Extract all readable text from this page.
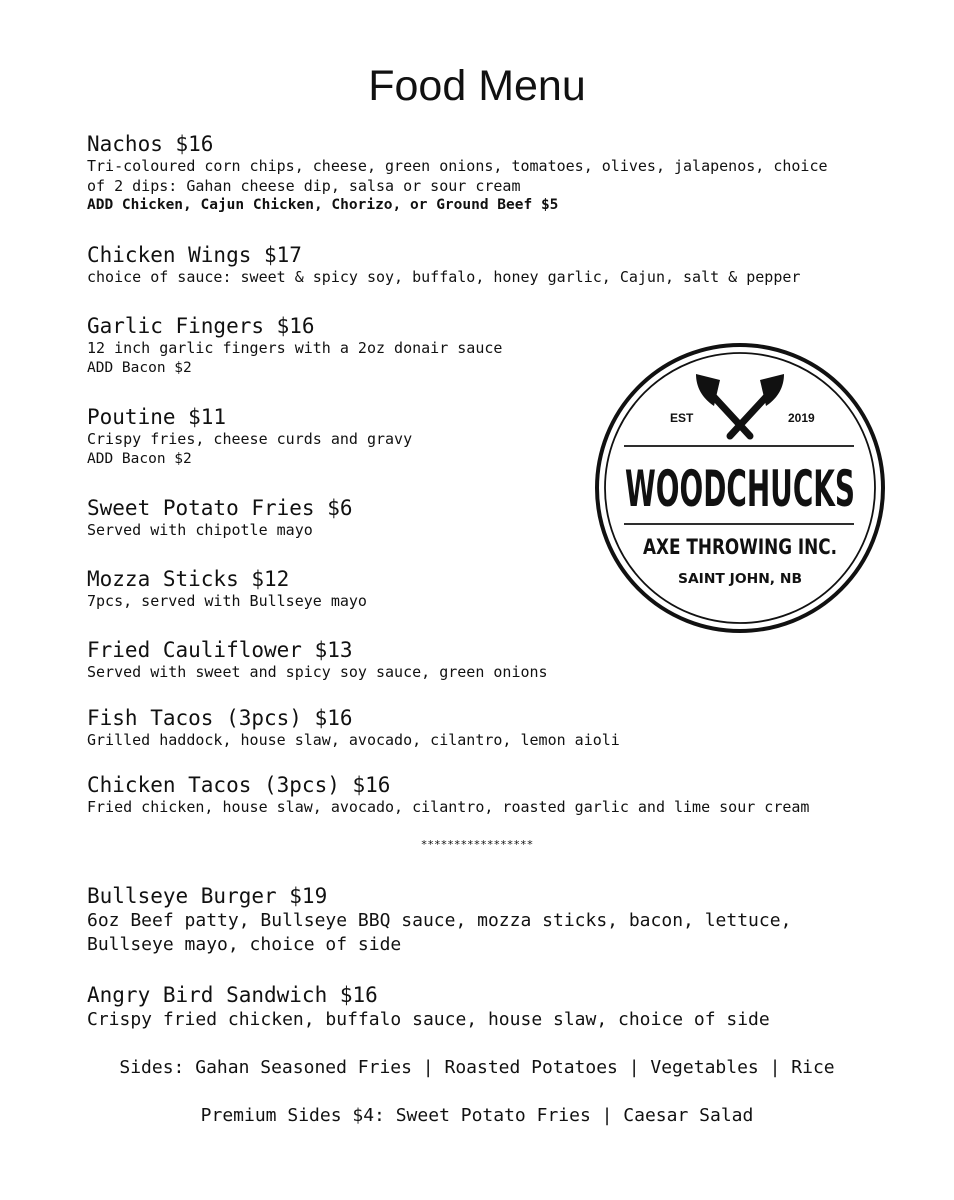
Food Menu
Nachos $16
Tri-coloured corn chips, cheese, green onions, tomatoes, olives, jalapenos, choice
of 2 dips: Gahan cheese dip, salsa or sour cream
ADD Chicken, Cajun Chicken, Chorizo, or Ground Beef $5
Chicken Wings $17
choice of sauce: sweet & spicy soy, buffalo, honey garlic, Cajun, salt & pepper
Garlic Fingers $16
12 inch garlic fingers with a 2oz donair sauce
ADD Bacon $2
Poutine $11
Crispy fries, cheese curds and gravy
ADD Bacon $2
Sweet Potato Fries $6
Served with chipotle mayo
Mozza Sticks $12
7pcs, served with Bullseye mayo
Fried Cauliflower $13
Served with sweet and spicy soy sauce, green onions
Fish Tacos (3pcs) $16
Grilled haddock, house slaw, avocado, cilantro, lemon aioli
Chicken Tacos (3pcs) $16
Fried chicken, house slaw, avocado, cilantro, roasted garlic and lime sour cream
*****************
Bullseye Burger $19
6oz Beef patty, Bullseye BBQ sauce, mozza sticks, bacon, lettuce,
Bullseye mayo, choice of side
Angry Bird Sandwich $16
Crispy fried chicken, buffalo sauce, house slaw, choice of side
Sides: Gahan Seasoned Fries | Roasted Potatoes | Vegetables | Rice
Premium Sides $4: Sweet Potato Fries | Caesar Salad
EST	2019
WOODCHUCKS
AXE THROWING INC.
SAINT JOHN, NB
